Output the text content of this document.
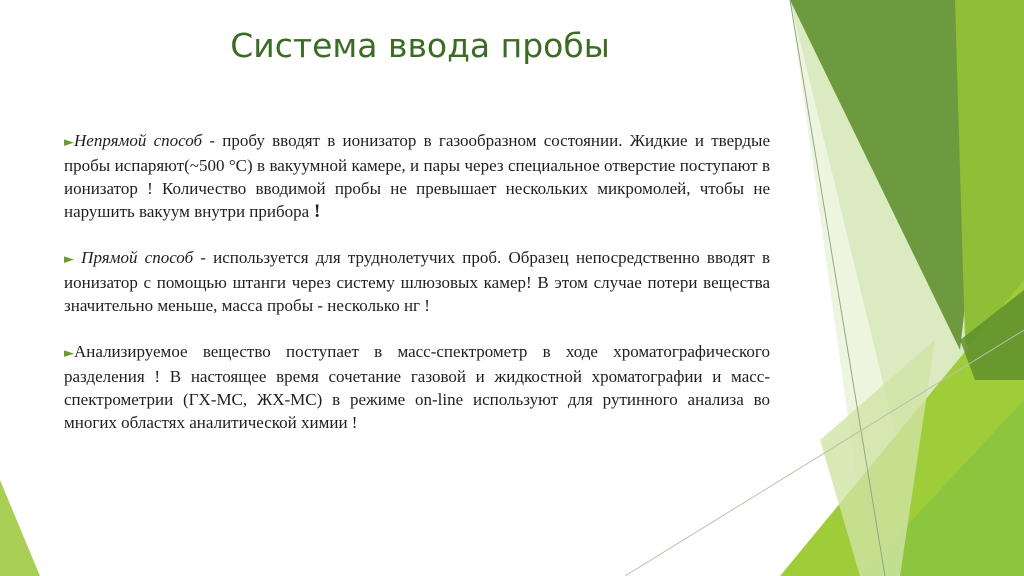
Система ввода пробы

►Непрямой способ - пробу вводят в ионизатор в газообразном состоянии. Жидкие и твердые пробы испаряют(~500 °C) в вакуумной камере, и пары через специальное отверстие поступают в ионизатор ! Количество вводимой пробы не превышает нескольких микромолей, чтобы не нарушить вакуум внутри прибора !

► Прямой способ - используется для труднолетучих проб. Образец непосредственно вводят в ионизатор с помощью штанги через систему шлюзовых камер! В этом случае потери вещества значительно меньше, масса пробы - несколько нг !

►Анализируемое вещество поступает в масс-спектрометр в ходе хроматографического разделения ! В настоящее время сочетание газовой и жидкостной хроматографии и масс-спектрометрии (ГХ-МС, ЖХ-МС) в режиме on-line используют для рутинного анализа во многих областях аналитической химии !
